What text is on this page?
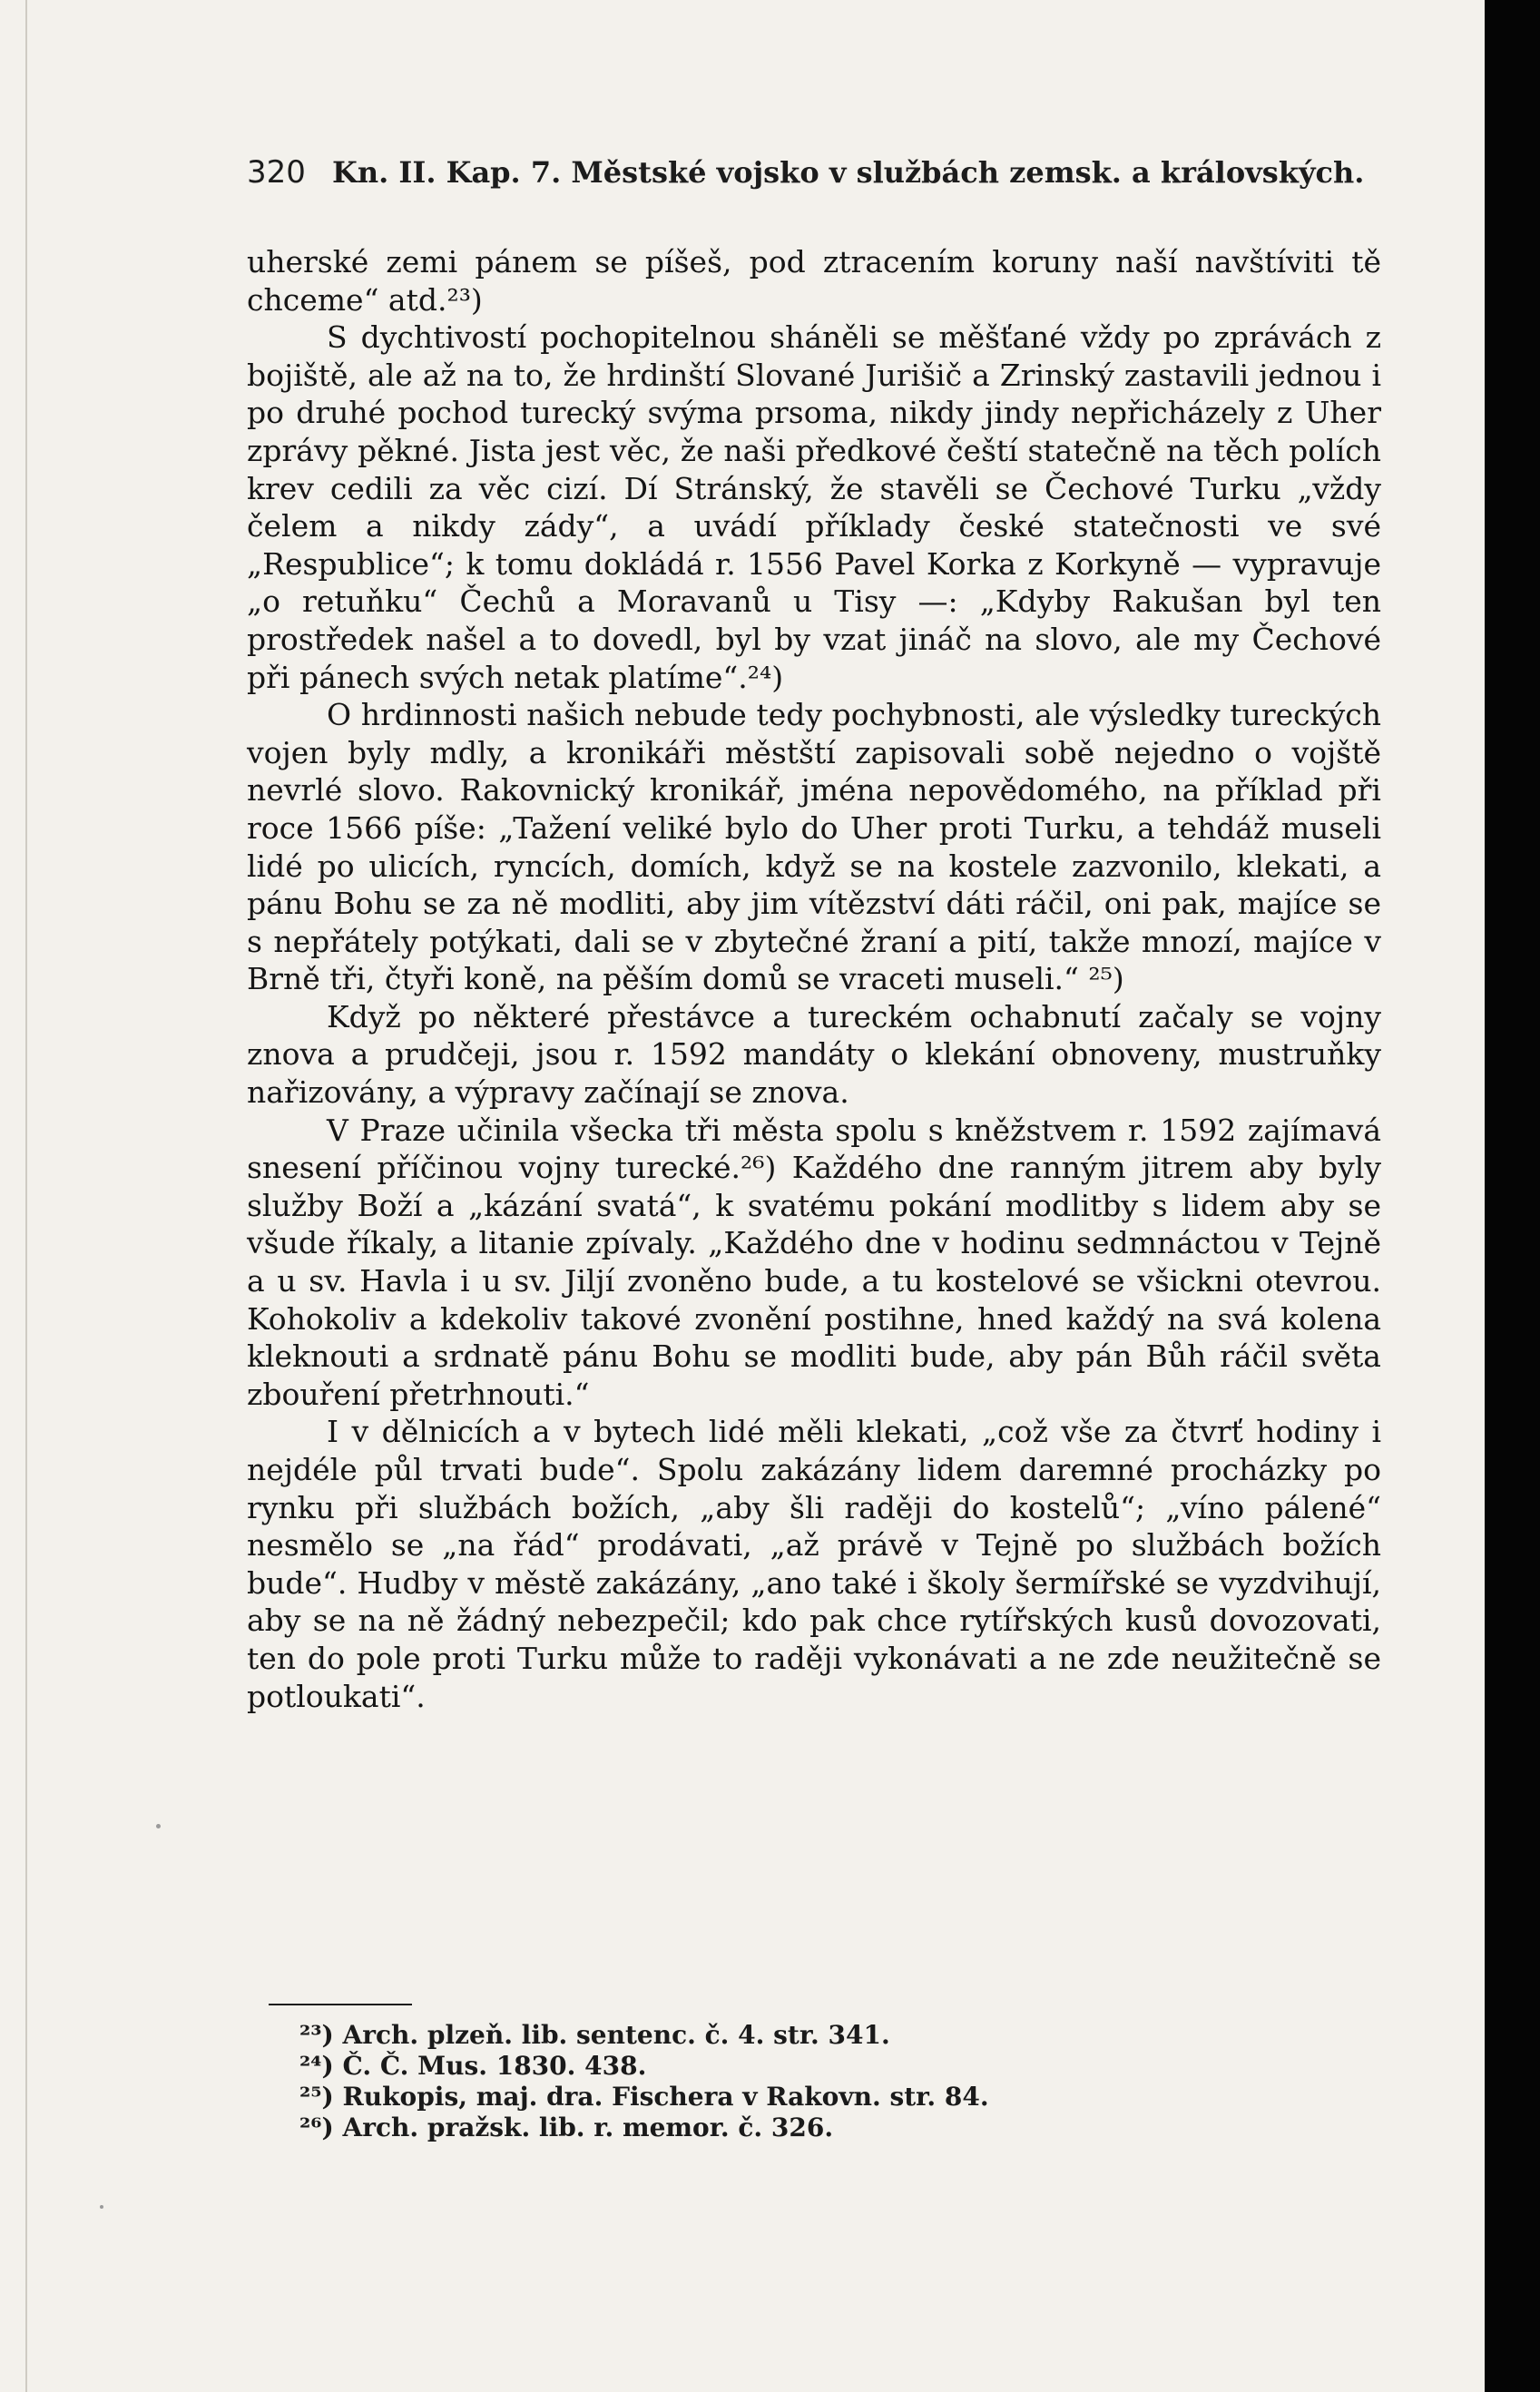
320 Kn. II. Kap. 7. Městské vojsko v službách zemsk. a královských.

uherské zemi pánem se píšeš, pod ztracením koruny naší navštíviti tě chceme“ atd.²³)

S dychtivostí pochopitelnou sháněli se měšťané vždy po zprávách z bojiště, ale až na to, že hrdinští Slované Jurišič a Zrinský zastavili jednou i po druhé pochod turecký svýma prsoma, nikdy jindy nepřicházely z Uher zprávy pěkné. Jista jest věc, že naši předkové čeští statečně na těch polích krev cedili za věc cizí. Dí Stránský, že stavěli se Čechové Turku „vždy čelem a nikdy zády“, a uvádí příklady české statečnosti ve své „Respublice“; k tomu dokládá r. 1556 Pavel Korka z Korkyně — vypravuje „o retuňku“ Čechů a Moravanů u Tisy —: „Kdyby Rakušan byl ten prostředek našel a to dovedl, byl by vzat jináč na slovo, ale my Čechové při pánech svých netak platíme“.²⁴)

O hrdinnosti našich nebude tedy pochybnosti, ale výsledky tureckých vojen byly mdly, a kronikáři městští zapisovali sobě nejedno o vojště nevrlé slovo. Rakovnický kronikář, jména nepovědomého, na příklad při roce 1566 píše: „Tažení veliké bylo do Uher proti Turku, a tehdáž museli lidé po ulicích, ryncích, domích, když se na kostele zazvonilo, klekati, a pánu Bohu se za ně modliti, aby jim vítězství dáti ráčil, oni pak, majíce se s nepřátely potýkati, dali se v zbytečné žraní a pití, takže mnozí, majíce v Brně tři, čtyři koně, na pěším domů se vraceti museli.“ ²⁵)

Když po některé přestávce a tureckém ochabnutí začaly se vojny znova a prudčeji, jsou r. 1592 mandáty o klekání obnoveny, mustruňky nařizovány, a výpravy začínají se znova.

V Praze učinila všecka tři města spolu s kněžstvem r. 1592 zajímavá snesení příčinou vojny turecké.²⁶) Každého dne ranným jitrem aby byly služby Boží a „kázání svatá“, k svatému pokání modlitby s lidem aby se všude říkaly, a litanie zpívaly. „Každého dne v hodinu sedmnáctou v Tejně a u sv. Havla i u sv. Jiljí zvoněno bude, a tu kostelové se všickni otevrou. Kohokoliv a kdekoliv takové zvonění postihne, hned každý na svá kolena kleknouti a srdnatě pánu Bohu se modliti bude, aby pán Bůh ráčil světa zbouření přetrhnouti.“

I v dělnicích a v bytech lidé měli klekati, „což vše za čtvrť hodiny i nejdéle půl trvati bude“. Spolu zakázány lidem daremné procházky po rynku při službách božích, „aby šli raději do kostelů“; „víno pálené“ nesmělo se „na řád“ prodávati, „až právě v Tejně po službách božích bude“. Hudby v městě zakázány, „ano také i školy šermířské se vyzdvihují, aby se na ně žádný nebezpečil; kdo pak chce rytířských kusů dovozovati, ten do pole proti Turku může to raději vykonávati a ne zde neužitečně se potloukati“.

²³) Arch. plzeň. lib. sentenc. č. 4. str. 341.
²⁴) Č. Č. Mus. 1830. 438.
²⁵) Rukopis, maj. dra. Fischera v Rakovn. str. 84.
²⁶) Arch. pražsk. lib. r. memor. č. 326.
